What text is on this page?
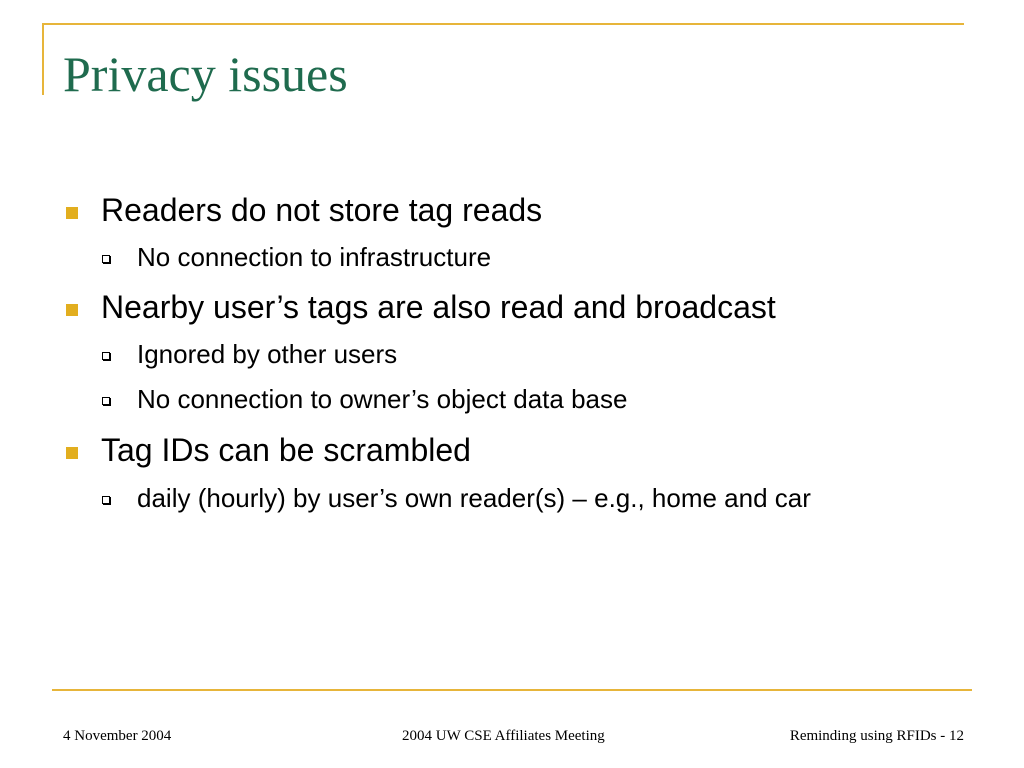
Privacy issues
Readers do not store tag reads
No connection to infrastructure
Nearby user’s tags are also read and broadcast
Ignored by other users
No connection to owner’s object data base
Tag IDs can be scrambled
daily (hourly) by user’s own reader(s) – e.g., home and car
4 November 2004	2004 UW CSE Affiliates Meeting	Reminding using RFIDs - 12
